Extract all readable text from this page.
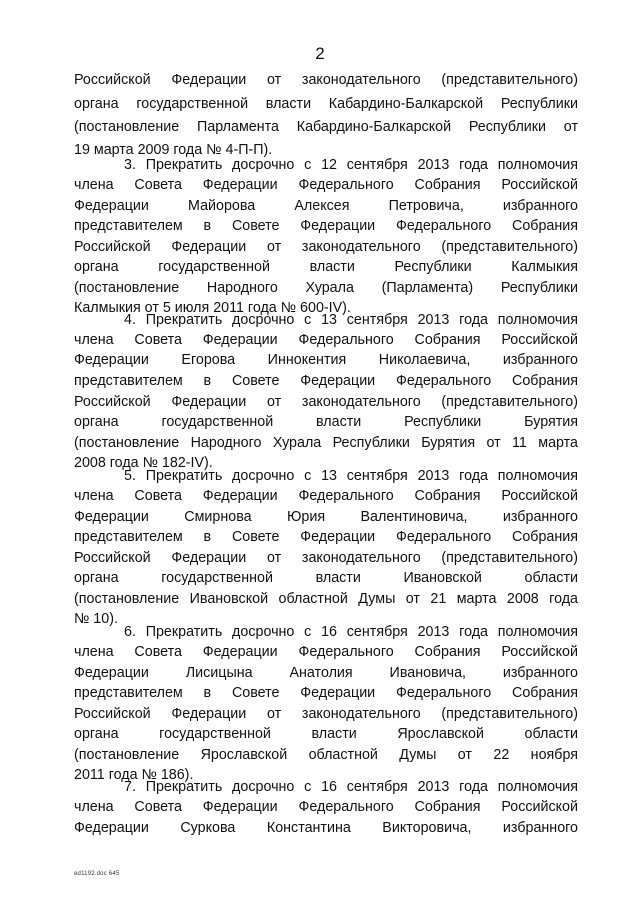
2
Российской Федерации от законодательного (представительного)
органа государственной власти Кабардино-Балкарской Республики
(постановление Парламента Кабардино-Балкарской Республики от
19 марта 2009 года № 4-П-П).
3. Прекратить досрочно с 12 сентября 2013 года полномочия
члена Совета Федерации Федерального Собрания Российской
Федерации Майорова Алексея Петровича, избранного
представителем в Совете Федерации Федерального Собрания
Российской Федерации от законодательного (представительного)
органа государственной власти Республики Калмыкия
(постановление Народного Хурала (Парламента) Республики
Калмыкия от 5 июля 2011 года № 600-IV).
4. Прекратить досрочно с 13 сентября 2013 года полномочия
члена Совета Федерации Федерального Собрания Российской
Федерации Егорова Иннокентия Николаевича, избранного
представителем в Совете Федерации Федерального Собрания
Российской Федерации от законодательного (представительного)
органа государственной власти Республики Бурятия
(постановление Народного Хурала Республики Бурятия от 11 марта
2008 года № 182-IV).
5. Прекратить досрочно с 13 сентября 2013 года полномочия
члена Совета Федерации Федерального Собрания Российской
Федерации Смирнова Юрия Валентиновича, избранного
представителем в Совете Федерации Федерального Собрания
Российской Федерации от законодательного (представительного)
органа государственной власти Ивановской области
(постановление Ивановской областной Думы от 21 марта 2008 года
№ 10).
6. Прекратить досрочно с 16 сентября 2013 года полномочия
члена Совета Федерации Федерального Собрания Российской
Федерации Лисицына Анатолия Ивановича, избранного
представителем в Совете Федерации Федерального Собрания
Российской Федерации от законодательного (представительного)
органа государственной власти Ярославской области
(постановление Ярославской областной Думы от 22 ноября
2011 года № 186).
7. Прекратить досрочно с 16 сентября 2013 года полномочия
члена Совета Федерации Федерального Собрания Российской
Федерации Суркова Константина Викторовича, избранного
ed1192.doc 645
